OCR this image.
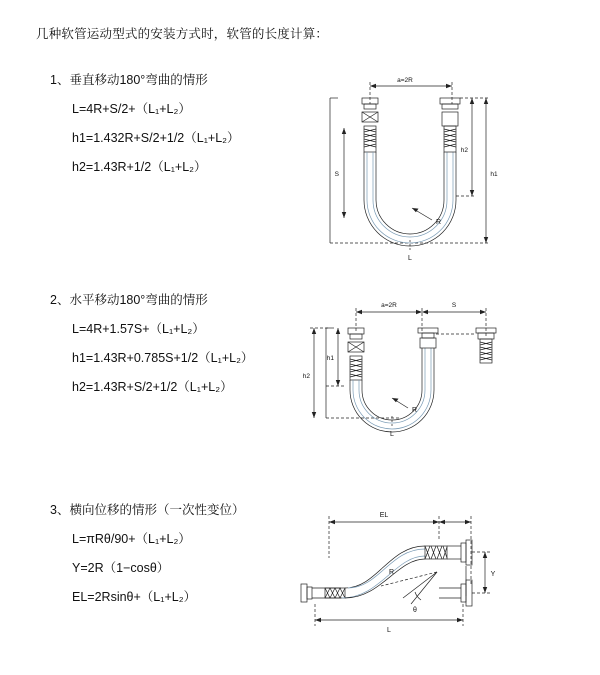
几种软管运动型式的安装方式时，软管的长度计算：

1、垂直移动180°弯曲的情形

L=4R+S/2+（L₁+L₂）

h1=1.432R+S/2+1/2（L₁+L₂）

h2=1.43R+1/2（L₁+L₂）

a=2R
h2
h1
R
L
S

2、水平移动180°弯曲的情形

L=4R+1.57S+（L₁+L₂）

h1=1.43R+0.785S+1/2（L₁+L₂）

h2=1.43R+S/2+1/2（L₁+L₂）

a=2R	S
h1
h2
R
L

3、横向位移的情形（一次性变位）

L=πRθ/90+（L₁+L₂）

Y=2R（1−cosθ）

EL=2Rsinθ+（L₁+L₂）

EL
Y
L
θ
R
